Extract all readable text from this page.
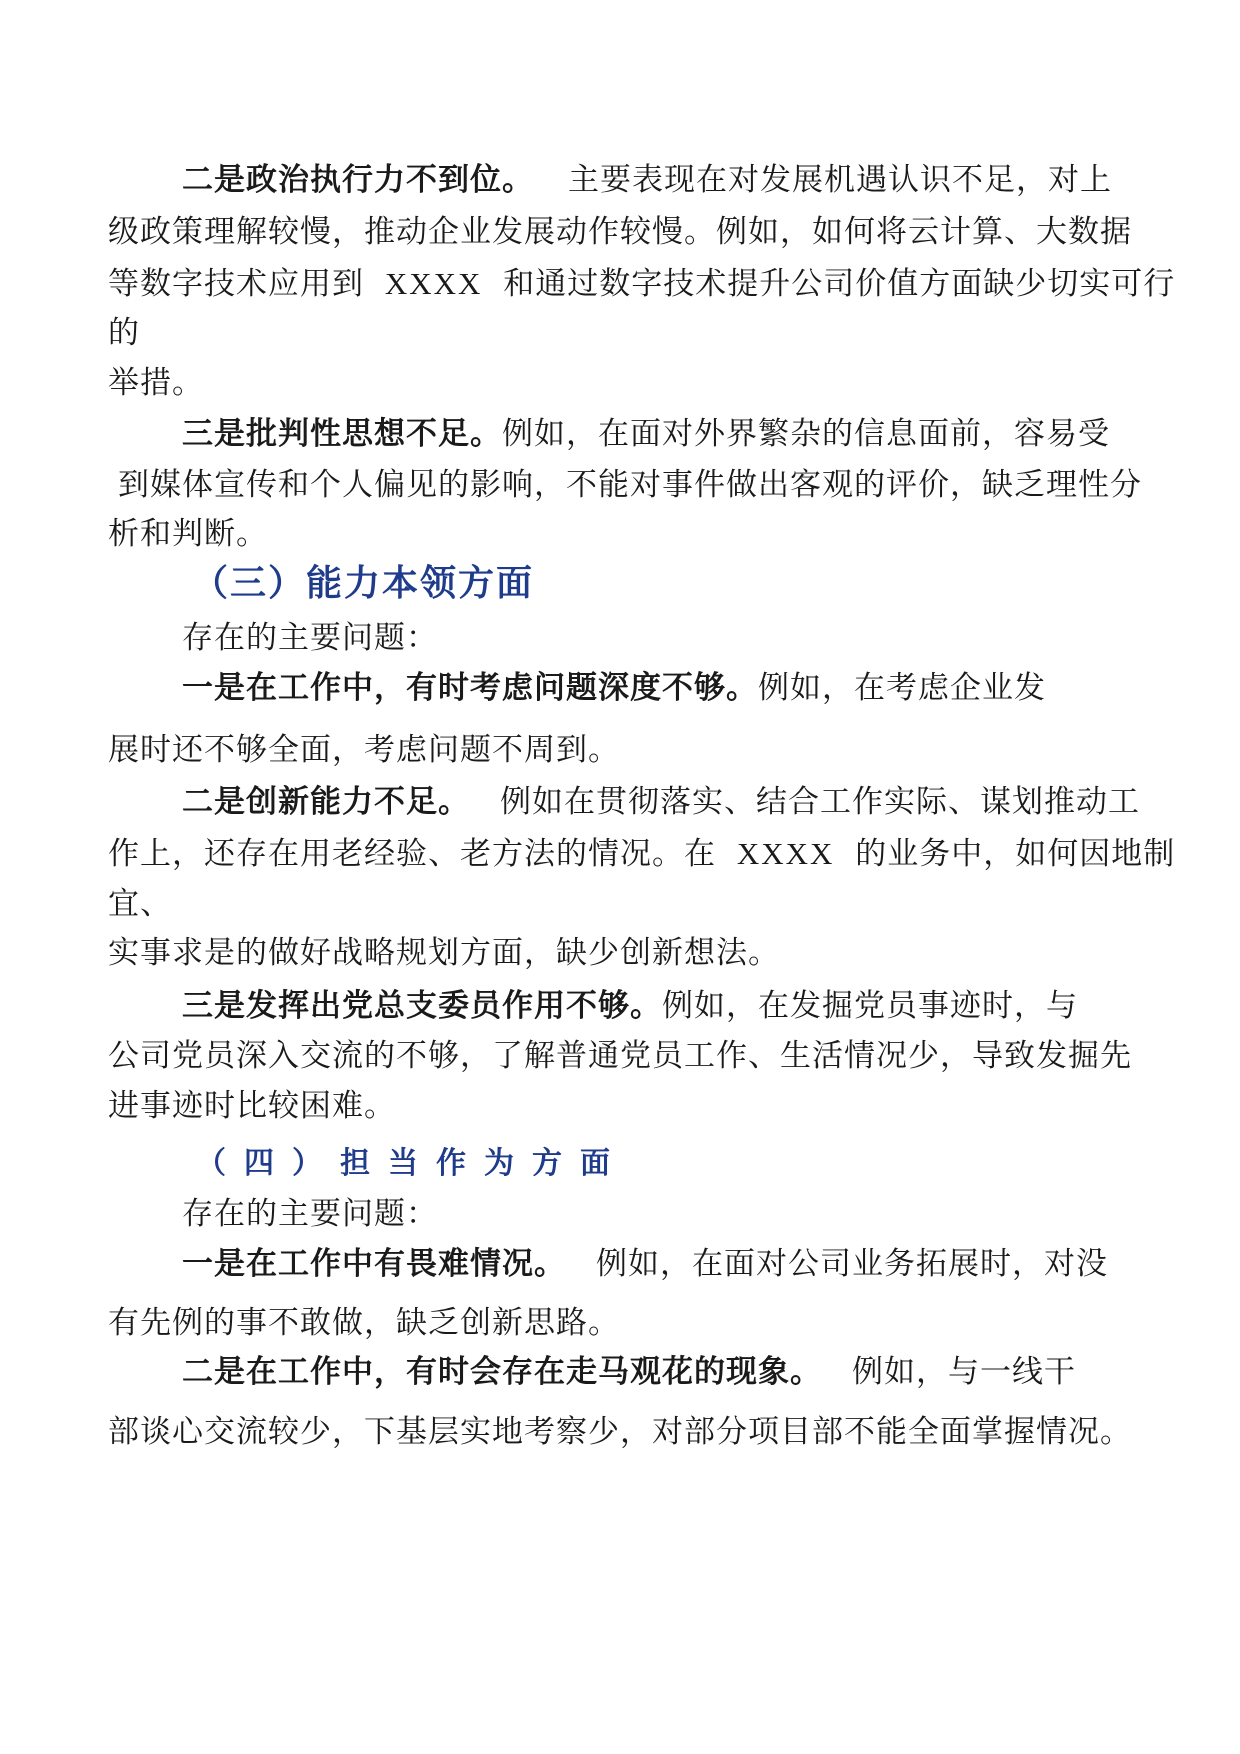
二是政治执行力不到位。 主要表现在对发展机遇认识不足，对上
级政策理解较慢，推动企业发展动作较慢。例如，如何将云计算、大数据
等数字技术应用到 XXXX 和通过数字技术提升公司价值方面缺少切实可行
的
举措。
三是批判性思想不足。例如，在面对外界繁杂的信息面前，容易受
到媒体宣传和个人偏见的影响，不能对事件做出客观的评价，缺乏理性分
析和判断。
（三）能力本领方面
存在的主要问题：
一是在工作中，有时考虑问题深度不够。例如，在考虑企业发
展时还不够全面，考虑问题不周到。
二是创新能力不足。 例如在贯彻落实、结合工作实际、谋划推动工
作上，还存在用老经验、老方法的情况。在 XXXX 的业务中，如何因地制
宜、
实事求是的做好战略规划方面，缺少创新想法。
三是发挥出党总支委员作用不够。例如，在发掘党员事迹时，与
公司党员深入交流的不够，了解普通党员工作、生活情况少，导致发掘先
进事迹时比较困难。
（四）担当作为方面
存在的主要问题：
一是在工作中有畏难情况。 例如，在面对公司业务拓展时，对没
有先例的事不敢做，缺乏创新思路。
二是在工作中，有时会存在走马观花的现象。 例如，与一线干
部谈心交流较少，下基层实地考察少，对部分项目部不能全面掌握情况。
